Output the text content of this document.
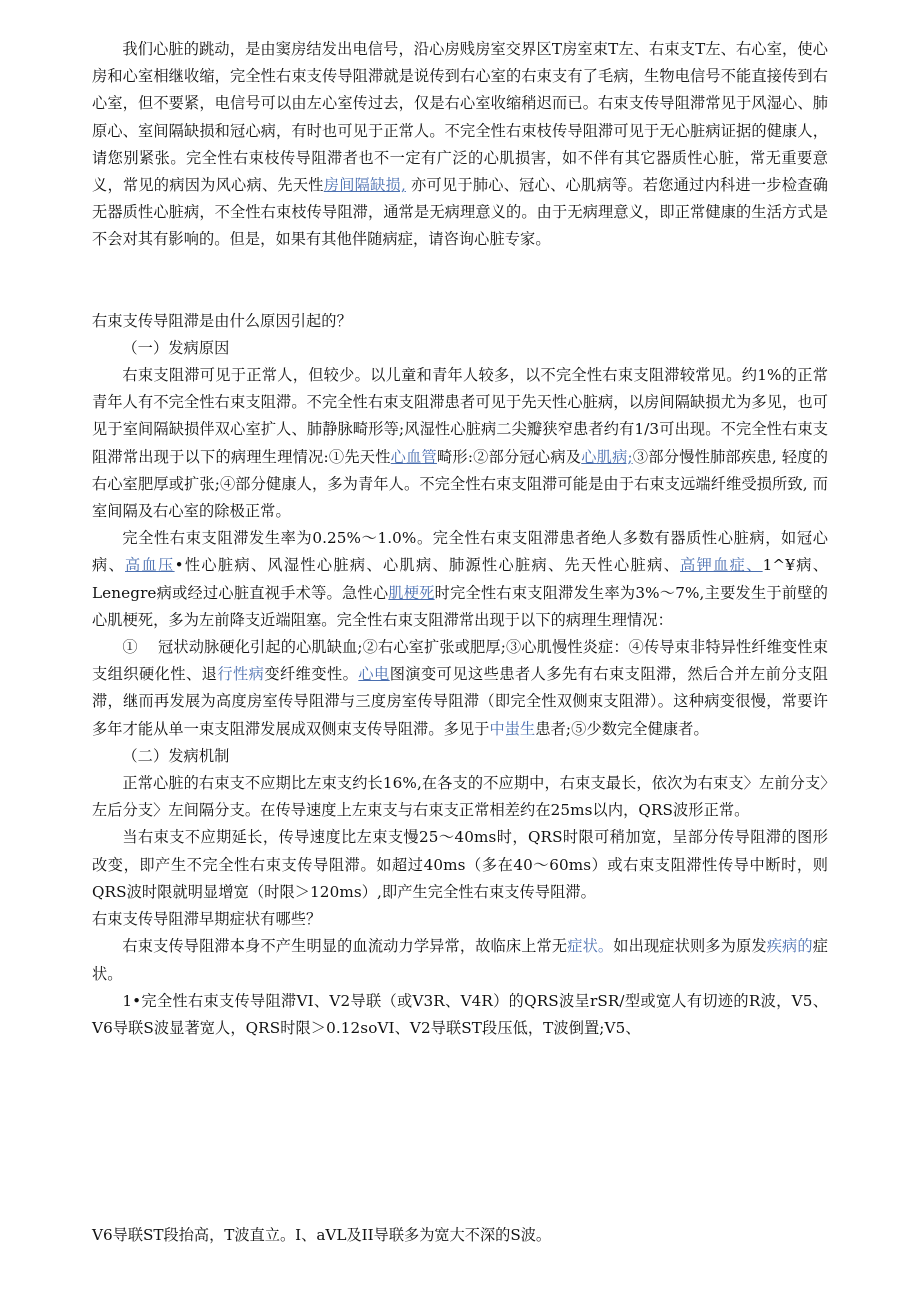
我们心脏的跳动，是由窦房结发出电信号，沿心房贱房室交界区T房室束T左、右束支T左、右心室，使心房和心室相继收缩，完全性右束支传导阻滞就是说传到右心室的右束支有了毛病，生物电信号不能直接传到右心室，但不要紧，电信号可以由左心室传过去，仅是右心室收缩稍迟而已。右束支传导阻滞常见于风湿心、肺原心、室间隔缺损和冠心病，有时也可见于正常人。不完全性右束枝传导阻滞可见于无心脏病证据的健康人，请您别紧张。完全性右束枝传导阻滞者也不一定有广泛的心肌损害，如不伴有其它器质性心脏，常无重要意义，常见的病因为风心病、先天性房间隔缺损, 亦可见于肺心、冠心、心肌病等。若您通过内科进一步检查确无器质性心脏病，不全性右束枝传导阻滞，通常是无病理意义的。由于无病理意义，即正常健康的生活方式是不会对其有影响的。但是，如果有其他伴随病症，请咨询心脏专家。

右束支传导阻滞是由什么原因引起的？

（一）发病原因

右束支阻滞可见于正常人，但较少。以儿童和青年人较多，以不完全性右束支阻滞较常见。约1%的正常青年人有不完全性右束支阻滞。不完全性右束支阻滞患者可见于先天性心脏病，以房间隔缺损尤为多见，也可见于室间隔缺损伴双心室扩人、肺静脉畸形等;风湿性心脏病二尖瓣狭窄患者约有1/3可出现。不完全性右束支阻滞常出现于以下的病理生理情况:①先天性心血管畸形:②部分冠心病及心肌病;③部分慢性肺部疾患, 轻度的右心室肥厚或扩张;④部分健康人，多为青年人。不完全性右束支阻滞可能是由于右束支远端纤维受损所致, 而室间隔及右心室的除极正常。

完全性右束支阻滞发生率为0.25%～1.0%。完全性右束支阻滞患者绝人多数有器质性心脏病，如冠心病、高血压•性心脏病、风湿性心脏病、心肌病、肺源性心脏病、先天性心脏病、高钾血症、1^¥病、Lenegre病或经过心脏直视手术等。急性心肌梗死时完全性右束支阻滞发生率为3%～7%,主要发生于前壁的心肌梗死，多为左前降支近端阻塞。完全性右束支阻滞常出现于以下的病理生理情况：

①　 冠状动脉硬化引起的心肌缺血;②右心室扩张或肥厚;③心肌慢性炎症：④传导束非特异性纤维变性束支组织硬化性、退行性病变纤维变性。心电图演变可见这些患者人多先有右束支阻滞，然后合并左前分支阻滞，继而再发展为高度房室传导阻滞与三度房室传导阻滞（即完全性双侧束支阻滞）。这种病变很慢，常要许多年才能从单一束支阻滞发展成双侧束支传导阻滞。多见于中蚩生患者;⑤少数完全健康者。

（二）发病机制

正常心脏的右束支不应期比左束支约长16%,在各支的不应期中，右束支最长，依次为右束支〉左前分支〉左后分支〉左间隔分支。在传导速度上左束支与右束支正常相差约在25ms以内，QRS波形正常。

当右束支不应期延长，传导速度比左束支慢25～40ms时，QRS时限可稍加宽，呈部分传导阻滞的图形改变，即产生不完全性右束支传导阻滞。如超过40ms（多在40～60ms）或右束支阻滞性传导中断时，则QRS波时限就明显增宽（时限＞120ms）,即产生完全性右束支传导阻滞。

右束支传导阻滞早期症状有哪些？

右束支传导阻滞本身不产生明显的血流动力学异常，故临床上常无症状。如出现症状则多为原发疾病的症状。

1•完全性右束支传导阻滞VI、V2导联（或V3R、V4R）的QRS波呈rSR/型或宽人有切迹的R波，V5、V6导联S波显著宽人，QRS时限＞0.12soVI、V2导联ST段压低，T波倒置;V5、

V6导联ST段抬高，T波直立。I、aVL及II导联多为宽大不深的S波。
